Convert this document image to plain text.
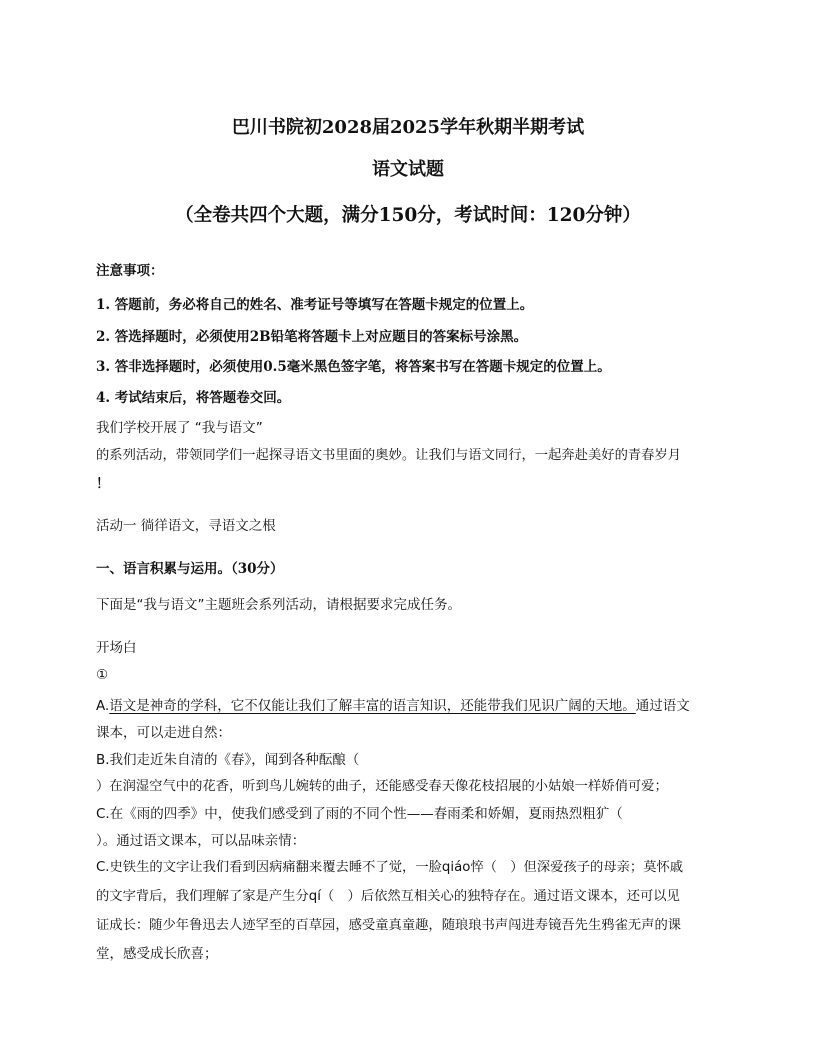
巴川书院初2028届2025学年秋期半期考试
语文试题
（全卷共四个大题，满分150分，考试时间：120分钟）
注意事项：
1. 答题前，务必将自己的姓名、准考证号等填写在答题卡规定的位置上。
2. 答选择题时，必须使用2B铅笔将答题卡上对应题目的答案标号涂黑。
3. 答非选择题时，必须使用0.5毫米黑色签字笔，将答案书写在答题卡规定的位置上。
4. 考试结束后，将答题卷交回。
我们学校开展了 “我与语文”
的系列活动，带领同学们一起探寻语文书里面的奥妙。让我们与语文同行，一起奔赴美好的青春岁月
！
活动一 徜徉语文，寻语文之根
一、语言积累与运用。（30分）
下面是“我与语文”主题班会系列活动，请根据要求完成任务。
开场白
①
A.语文是神奇的学科，它不仅能让我们了解丰富的语言知识，还能带我们见识广阔的天地。通过语文
课本，可以走进自然：
B.我们走近朱自清的《春》，闻到各种酝酿（
）在润湿空气中的花香，听到鸟儿婉转的曲子，还能感受春天像花枝招展的小姑娘一样娇俏可爱；
C.在《雨的四季》中，使我们感受到了雨的不同个性——春雨柔和娇媚，夏雨热烈粗犷（
）。通过语文课本，可以品味亲情：
C.史铁生的文字让我们看到因病痛翻来覆去睡不了觉，一脸qiáo悴（　）但深爱孩子的母亲；莫怀戚
的文字背后，我们理解了家是产生分qí（　）后依然互相关心的独特存在。通过语文课本，还可以见
证成长：随少年鲁迅去人迹罕至的百草园，感受童真童趣，随琅琅书声闯进寿镜吾先生鸦雀无声的课
堂，感受成长欣喜；
